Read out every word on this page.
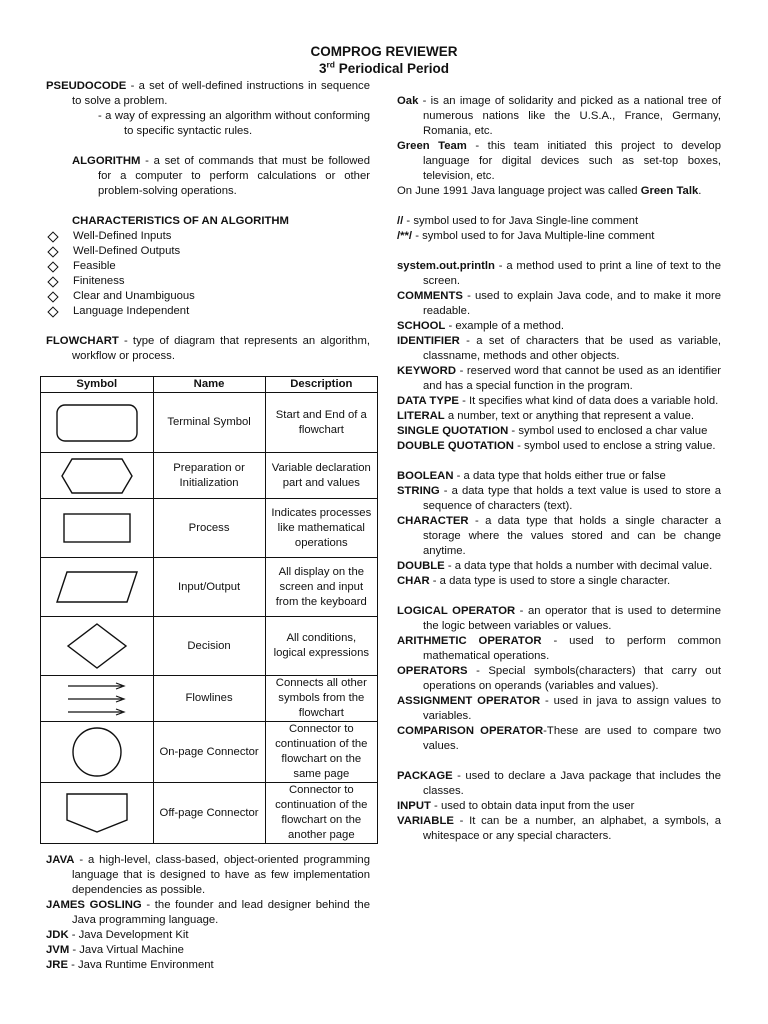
COMPROG REVIEWER
3rd Periodical Period

PSEUDOCODE - a set of well-defined instructions in sequence to solve a problem.

- a way of expressing an algorithm without conforming to specific syntactic rules.

ALGORITHM - a set of commands that must be followed for a computer to perform calculations or other problem-solving operations.

CHARACTERISTICS OF AN ALGORITHM
Well-Defined Inputs
Well-Defined Outputs
Feasible
Finiteness
Clear and Unambiguous
Language Independent

FLOWCHART - type of diagram that represents an algorithm, workflow or process.

Symbol	Name	Description

	Terminal Symbol	Start and End of a flowchart

	Preparation or Initialization	Variable declaration part and values

	Process	Indicates processes like mathematical operations

	Input/Output	All display on the screen and input from the keyboard

	Decision	All conditions, logical expressions

	Flowlines	Connects all other symbols from the flowchart

	On-page Connector	Connector to continuation of the flowchart on the same page

	Off-page Connector	Connector to continuation of the flowchart on the another page

JAVA - a high-level, class-based, object-oriented programming language that is designed to have as few implementation dependencies as possible.

JAMES GOSLING - the founder and lead designer behind the Java programming language.

JDK - Java Development Kit

JVM - Java Virtual Machine

JRE - Java Runtime Environment

Oak - is an image of solidarity and picked as a national tree of numerous nations like the U.S.A., France, Germany, Romania, etc.

Green Team - this team initiated this project to develop language for digital devices such as set-top boxes, television, etc.

On June 1991 Java language project was called Green Talk.

// - symbol used to for Java Single-line comment

/**/ - symbol used to for Java Multiple-line comment

system.out.println - a method used to print a line of text to the screen.

COMMENTS - used to explain Java code, and to make it more readable.

SCHOOL - example of a method.

IDENTIFIER - a set of characters that be used as variable, classname, methods and other objects.

KEYWORD - reserved word that cannot be used as an identifier and has a special function in the program.

DATA TYPE - It specifies what kind of data does a variable hold.

LITERAL a number, text or anything that represent a value.

SINGLE QUOTATION - symbol used to enclosed a char value

DOUBLE QUOTATION - symbol used to enclose a string value.

BOOLEAN - a data type that holds either true or false

STRING - a data type that holds a text value is used to store a sequence of characters (text).

CHARACTER - a data type that holds a single character a storage where the values stored and can be change anytime.

DOUBLE - a data type that holds a number with decimal value.

CHAR - a data type is used to store a single character.

LOGICAL OPERATOR - an operator that is used to determine the logic between variables or values.

ARITHMETIC OPERATOR - used to perform common mathematical operations.

OPERATORS - Special symbols(characters) that carry out operations on operands (variables and values).

ASSIGNMENT OPERATOR - used in java to assign values to variables.

COMPARISON OPERATOR-These are used to compare two values.

PACKAGE - used to declare a Java package that includes the classes.

INPUT - used to obtain data input from the user

VARIABLE - It can be a number, an alphabet, a symbols, a whitespace or any special characters.
